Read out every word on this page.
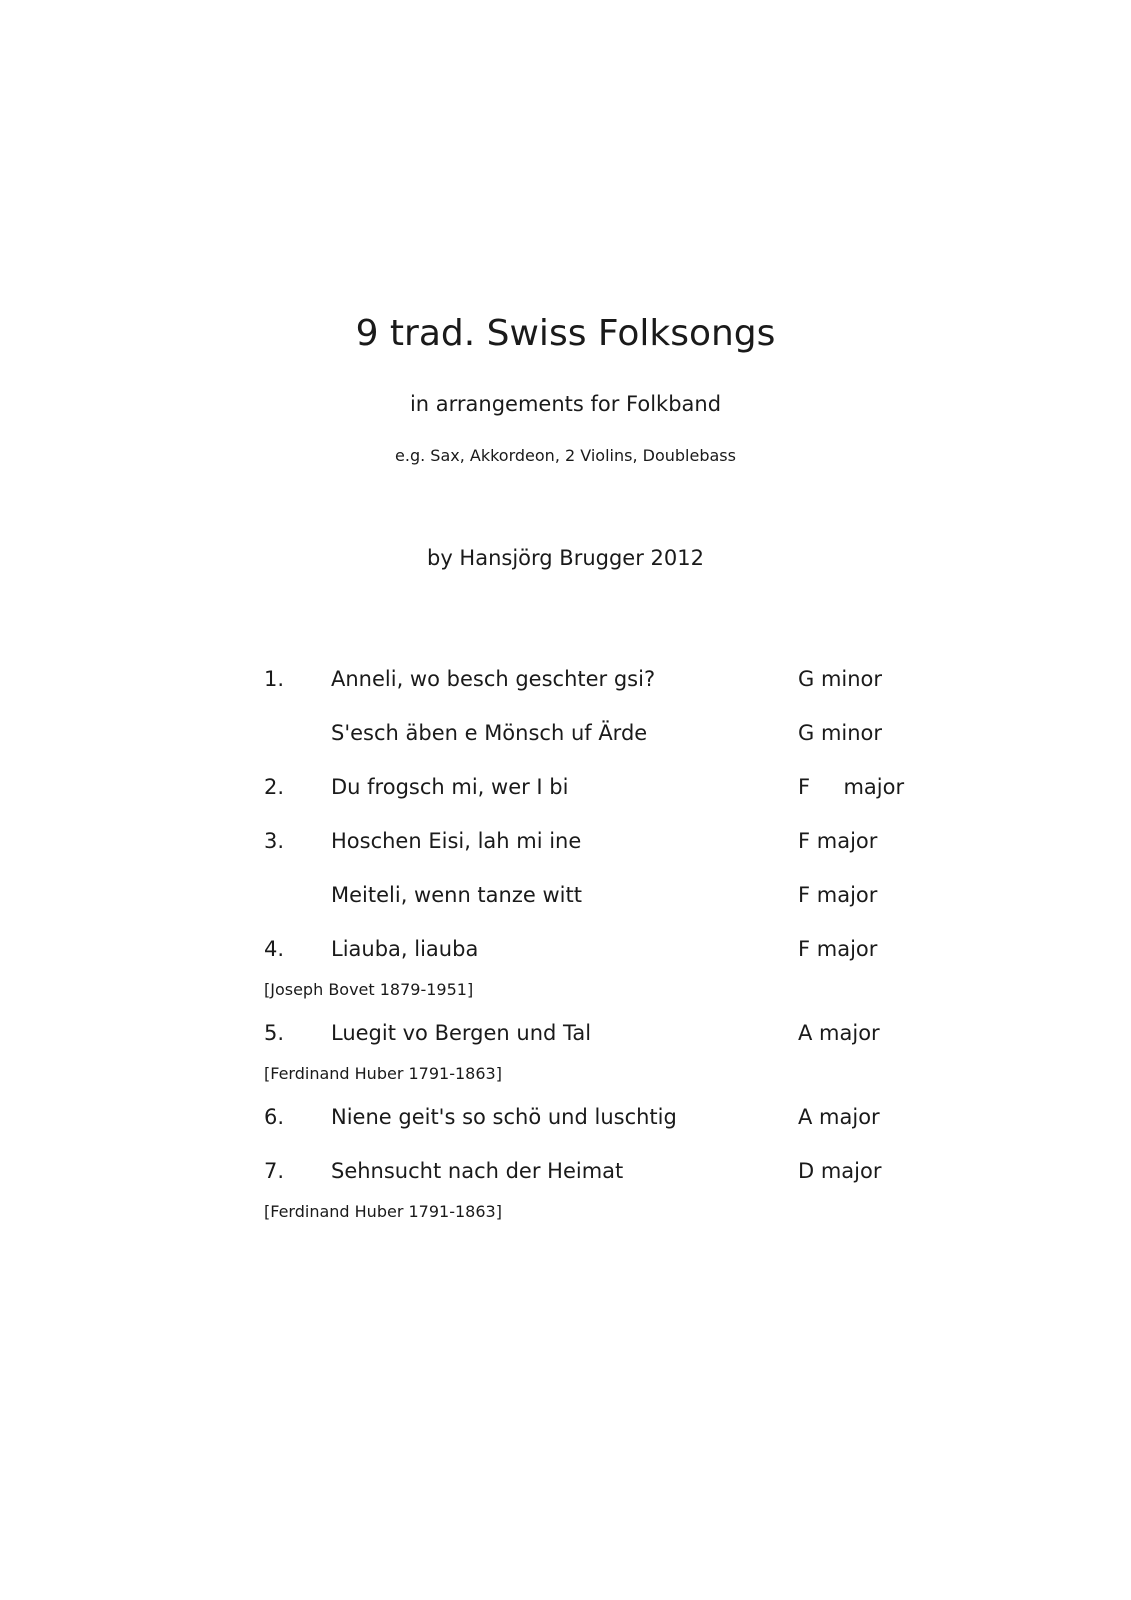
9 trad. Swiss Folksongs
in arrangements for Folkband
e.g. Sax, Akkordeon, 2 Violins, Doublebass
by Hansjörg Brugger 2012
1. Anneli, wo besch geschter gsi?	G minor
S'esch äben e Mönsch uf Ärde	G minor
2. Du frogsch mi, wer I bi	F     major
3. Hoschen Eisi, lah mi ine	F major
Meiteli, wenn tanze witt	F major
4. Liauba, liauba	F major
[Joseph Bovet 1879-1951]
5. Luegit vo Bergen und Tal	A major
[Ferdinand Huber 1791-1863]
6. Niene geit's so schö und luschtig	A major
7. Sehnsucht nach der Heimat	D major
[Ferdinand Huber 1791-1863]
